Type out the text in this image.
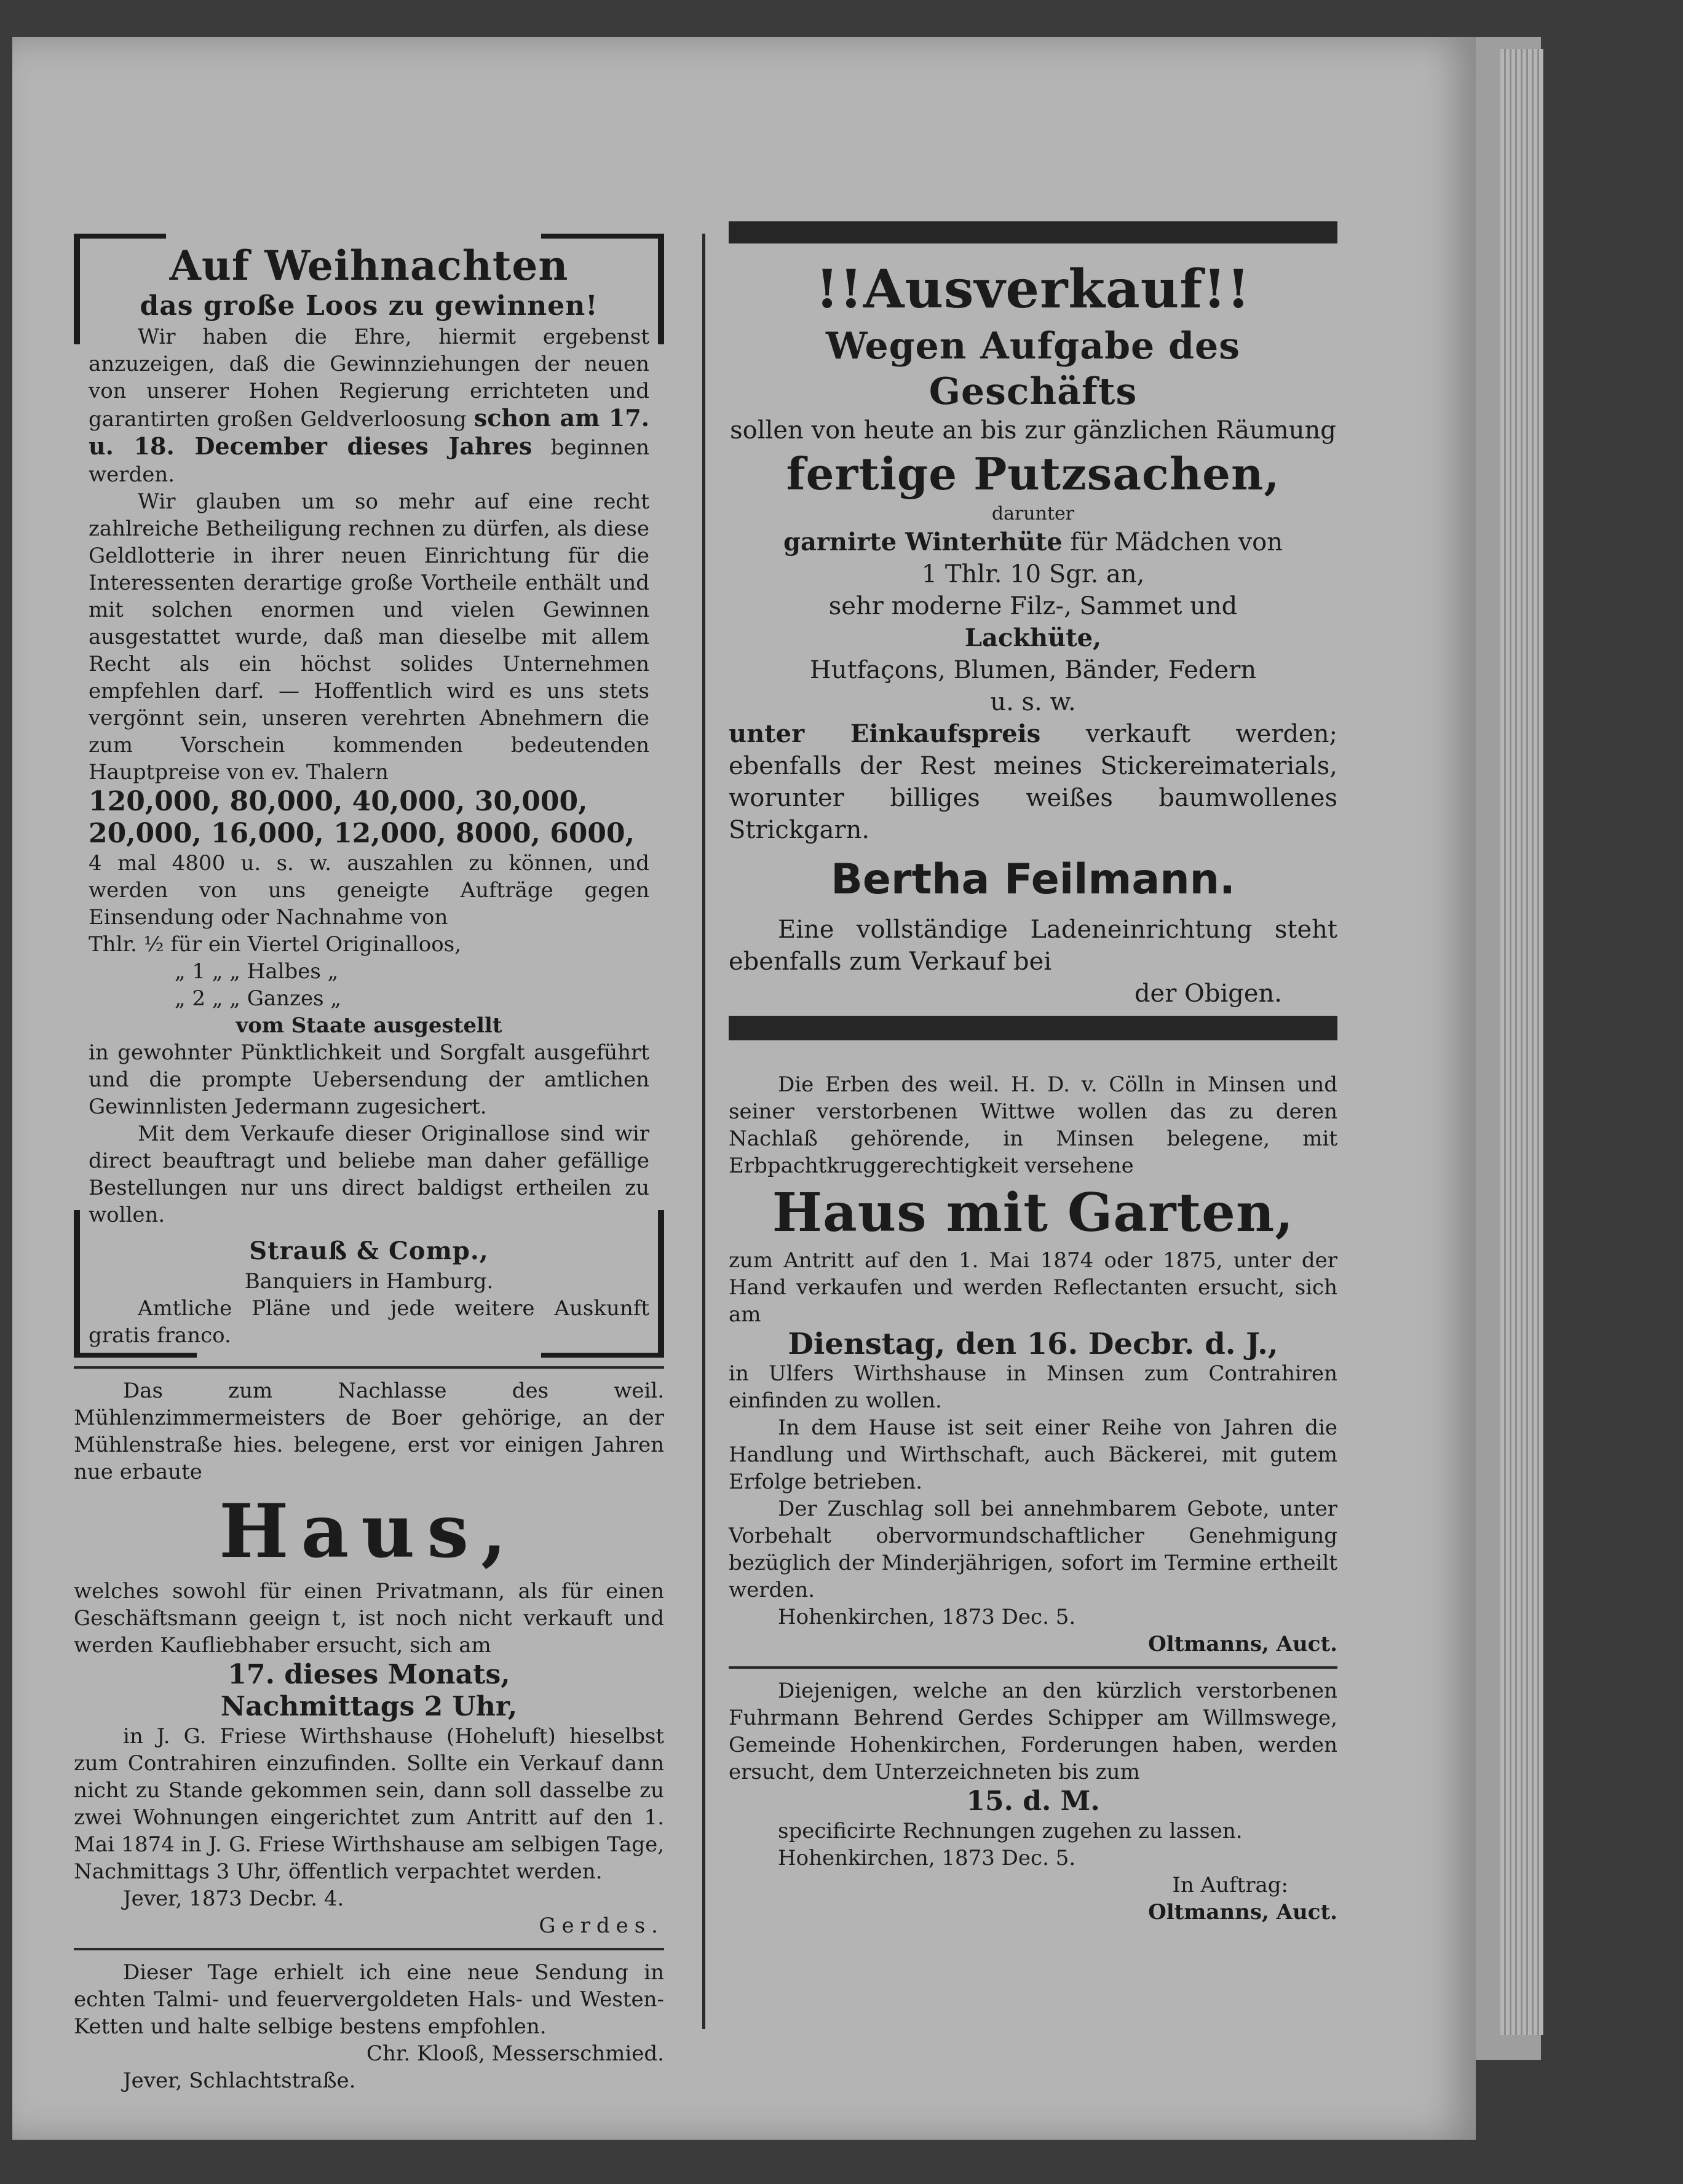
Auf Weihnachten

das große Loos zu gewinnen!

Wir haben die Ehre, hiermit ergebenst anzuzeigen, daß die Gewinnziehungen der neuen von unserer Hohen Regierung errichteten und garantirten großen Geldverloosung schon am 17. u. 18. December dieses Jahres beginnen werden.

Wir glauben um so mehr auf eine recht zahlreiche Betheiligung rechnen zu dürfen, als diese Geldlotterie in ihrer neuen Einrichtung für die Interessenten derartige große Vortheile enthält und mit solchen enormen und vielen Gewinnen ausgestattet wurde, daß man dieselbe mit allem Recht als ein höchst solides Unternehmen empfehlen darf. — Hoffentlich wird es uns stets vergönnt sein, unseren verehrten Abnehmern die zum Vorschein kommenden bedeutenden Hauptpreise von ev. Thalern

120,000, 80,000, 40,000, 30,000,

20,000, 16,000, 12,000, 8000, 6000,

4 mal 4800 u. s. w. auszahlen zu können, und werden von uns geneigte Aufträge gegen Einsendung oder Nachnahme von

Thlr. ½ für ein Viertel Originalloos,

„ 1 „ „ Halbes „

„ 2 „ „ Ganzes „

vom Staate ausgestellt

in gewohnter Pünktlichkeit und Sorgfalt ausgeführt und die prompte Uebersendung der amtlichen Gewinnlisten Jedermann zugesichert.

Mit dem Verkaufe dieser Originallose sind wir direct beauftragt und beliebe man daher gefällige Bestellungen nur uns direct baldigst ertheilen zu wollen.

Strauß & Comp.,

Banquiers in Hamburg.

Amtliche Pläne und jede weitere Auskunft gratis franco.

Das zum Nachlasse des weil. Mühlenzimmermeisters de Boer gehörige, an der Mühlenstraße hies. belegene, erst vor einigen Jahren nue erbaute

Haus,

welches sowohl für einen Privatmann, als für einen Geschäftsmann geeign t, ist noch nicht verkauft und werden Kaufliebhaber ersucht, sich am

17. dieses Monats,

Nachmittags 2 Uhr,

in J. G. Friese Wirthshause (Hoheluft) hieselbst zum Contrahiren einzufinden. Sollte ein Verkauf dann nicht zu Stande gekommen sein, dann soll dasselbe zu zwei Wohnungen eingerichtet zum Antritt auf den 1. Mai 1874 in J. G. Friese Wirthshause am selbigen Tage, Nachmittags 3 Uhr, öffentlich verpachtet werden.

Jever, 1873 Decbr. 4.

Gerdes.

Dieser Tage erhielt ich eine neue Sendung in echten Talmi- und feuervergoldeten Hals- und Westen-Ketten und halte selbige bestens empfohlen.

Chr. Klooß, Messerschmied.

Jever, Schlachtstraße.

!!Ausverkauf!!

Wegen Aufgabe des Geschäfts

sollen von heute an bis zur gänzlichen Räumung

fertige Putzsachen,

darunter

garnirte Winterhüte für Mädchen von

1 Thlr. 10 Sgr. an,

sehr moderne Filz-, Sammet und

Lackhüte,

Hutfaçons, Blumen, Bänder, Federn

u. s. w.

unter Einkaufspreis verkauft werden; ebenfalls der Rest meines Stickereimaterials, worunter billiges weißes baumwollenes Strickgarn.

Bertha Feilmann.

Eine vollständige Ladeneinrichtung steht ebenfalls zum Verkauf bei

der Obigen.

Die Erben des weil. H. D. v. Cölln in Minsen und seiner verstorbenen Wittwe wollen das zu deren Nachlaß gehörende, in Minsen belegene, mit Erbpachtkruggerechtigkeit versehene

Haus mit Garten,

zum Antritt auf den 1. Mai 1874 oder 1875, unter der Hand verkaufen und werden Reflectanten ersucht, sich am

Dienstag, den 16. Decbr. d. J.,

in Ulfers Wirthshause in Minsen zum Contrahiren einfinden zu wollen.

In dem Hause ist seit einer Reihe von Jahren die Handlung und Wirthschaft, auch Bäckerei, mit gutem Erfolge betrieben.

Der Zuschlag soll bei annehmbarem Gebote, unter Vorbehalt obervormundschaftlicher Genehmigung bezüglich der Minderjährigen, sofort im Termine ertheilt werden.

Hohenkirchen, 1873 Dec. 5.

Oltmanns, Auct.

Diejenigen, welche an den kürzlich verstorbenen Fuhrmann Behrend Gerdes Schipper am Willmswege, Gemeinde Hohenkirchen, Forderungen haben, werden ersucht, dem Unterzeichneten bis zum

15. d. M.

specificirte Rechnungen zugehen zu lassen.

Hohenkirchen, 1873 Dec. 5.

In Auftrag:

Oltmanns, Auct.
